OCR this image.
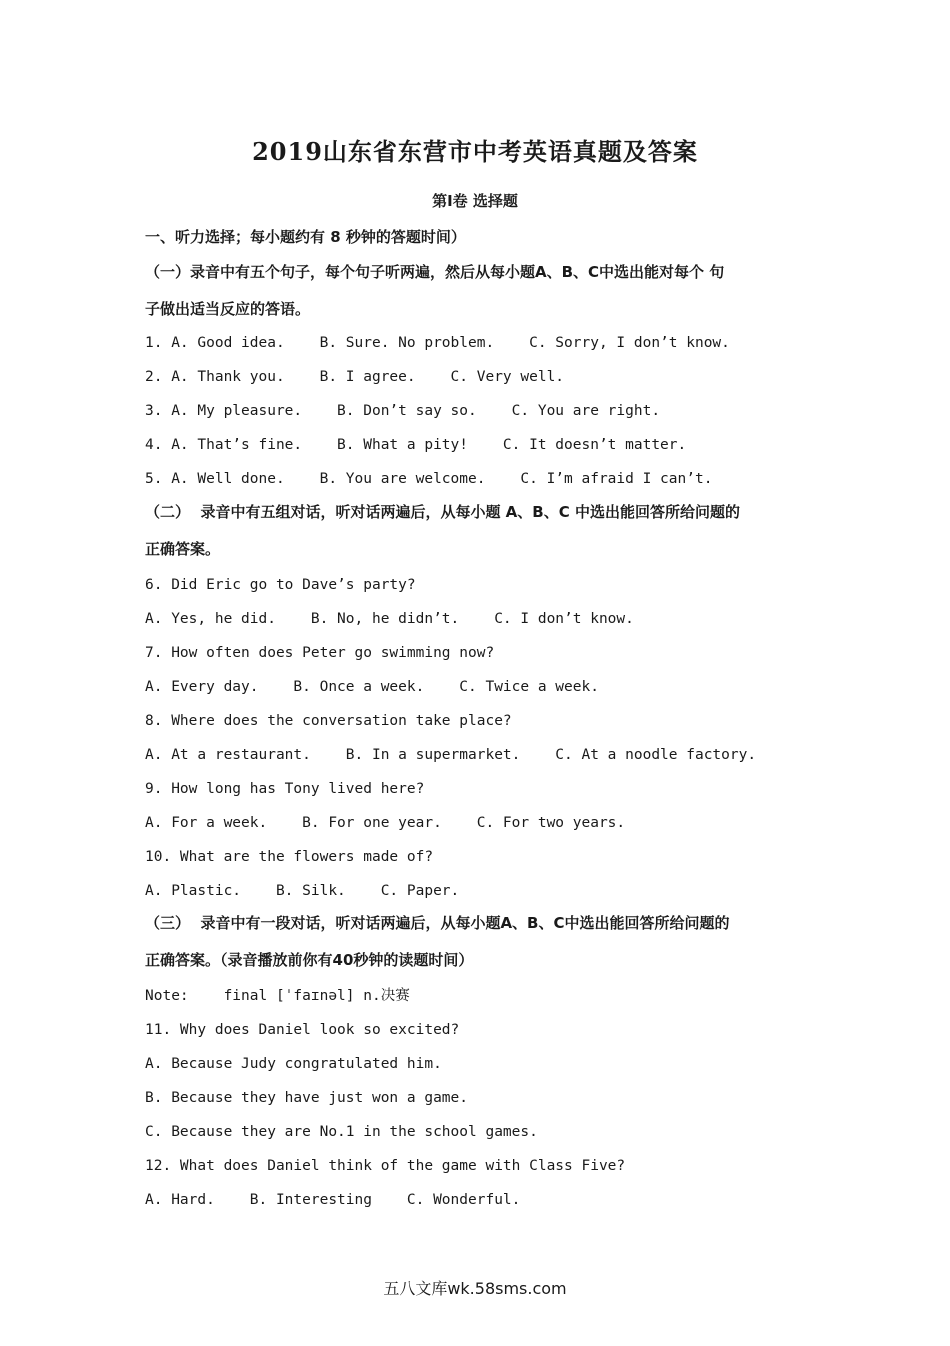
2019山东省东营市中考英语真题及答案
第Ⅰ卷 选择题
一、听力选择；每小题约有 8 秒钟的答题时间）
（一）录音中有五个句子，每个句子听两遍，然后从每小题A、B、C中选出能对每个 句
子做出适当反应的答语。
1. A. Good idea.    B. Sure. No problem.    C. Sorry, I don’t know.
2. A. Thank you.    B. I agree.    C. Very well.
3. A. My pleasure.    B. Don’t say so.    C. You are right.
4. A. That’s fine.    B. What a pity!    C. It doesn’t matter.
5. A. Well done.    B. You are welcome.    C. I’m afraid I can’t.
（二）  录音中有五组对话，听对话两遍后，从每小题 A、B、C 中选出能回答所给问题的
正确答案。
6. Did Eric go to Dave’s party?
A. Yes, he did.    B. No, he didn’t.    C. I don’t know.
7. How often does Peter go swimming now?
A. Every day.    B. Once a week.    C. Twice a week.
8. Where does the conversation take place?
A. At a restaurant.    B. In a supermarket.    C. At a noodle factory.
9. How long has Tony lived here?
A. For a week.    B. For one year.    C. For two years.
10. What are the flowers made of?
A. Plastic.    B. Silk.    C. Paper.
（三）  录音中有一段对话，听对话两遍后，从每小题A、B、C中选出能回答所给问题的
正确答案。（录音播放前你有40秒钟的读题时间）
Note:    final [ˈfaɪnəl] n.决赛
11. Why does Daniel look so excited?
A. Because Judy congratulated him.
B. Because they have just won a game.
C. Because they are No.1 in the school games.
12. What does Daniel think of the game with Class Five?
A. Hard.    B. Interesting    C. Wonderful.
五八文库wk.58sms.com
